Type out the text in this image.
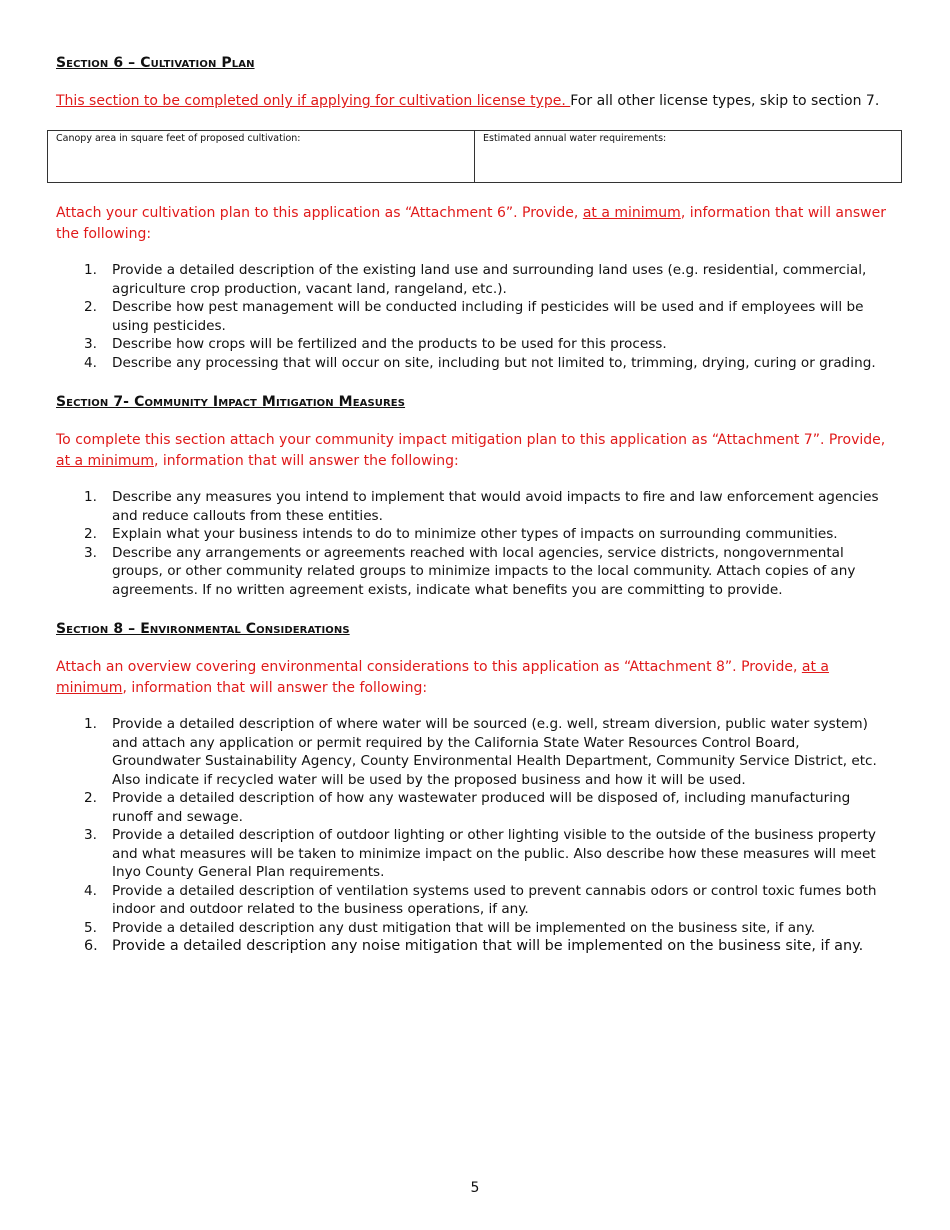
Section 6 – Cultivation Plan

This section to be completed only if applying for cultivation license type. For all other license types, skip to section 7.

Canopy area in square feet of proposed cultivation:	Estimated annual water requirements:

Attach your cultivation plan to this application as “Attachment 6”. Provide, at a minimum, information that will answer the following:

1. Provide a detailed description of the existing land use and surrounding land uses (e.g. residential, commercial, agriculture crop production, vacant land, rangeland, etc.).
2. Describe how pest management will be conducted including if pesticides will be used and if employees will be using pesticides.
3. Describe how crops will be fertilized and the products to be used for this process.
4. Describe any processing that will occur on site, including but not limited to, trimming, drying, curing or grading.

Section 7- Community Impact Mitigation Measures

To complete this section attach your community impact mitigation plan to this application as “Attachment 7”. Provide, at a minimum, information that will answer the following:

1. Describe any measures you intend to implement that would avoid impacts to fire and law enforcement agencies and reduce callouts from these entities.
2. Explain what your business intends to do to minimize other types of impacts on surrounding communities.
3. Describe any arrangements or agreements reached with local agencies, service districts, nongovernmental groups, or other community related groups to minimize impacts to the local community. Attach copies of any agreements. If no written agreement exists, indicate what benefits you are committing to provide.

Section 8 – Environmental Considerations

Attach an overview covering environmental considerations to this application as “Attachment 8”. Provide, at a minimum, information that will answer the following:

1. Provide a detailed description of where water will be sourced (e.g. well, stream diversion, public water system) and attach any application or permit required by the California State Water Resources Control Board, Groundwater Sustainability Agency, County Environmental Health Department, Community Service District, etc. Also indicate if recycled water will be used by the proposed business and how it will be used.
2. Provide a detailed description of how any wastewater produced will be disposed of, including manufacturing runoff and sewage.
3. Provide a detailed description of outdoor lighting or other lighting visible to the outside of the business property and what measures will be taken to minimize impact on the public. Also describe how these measures will meet Inyo County General Plan requirements.
4. Provide a detailed description of ventilation systems used to prevent cannabis odors or control toxic fumes both indoor and outdoor related to the business operations, if any.
5. Provide a detailed description any dust mitigation that will be implemented on the business site, if any.
6. Provide a detailed description any noise mitigation that will be implemented on the business site, if any.
5
